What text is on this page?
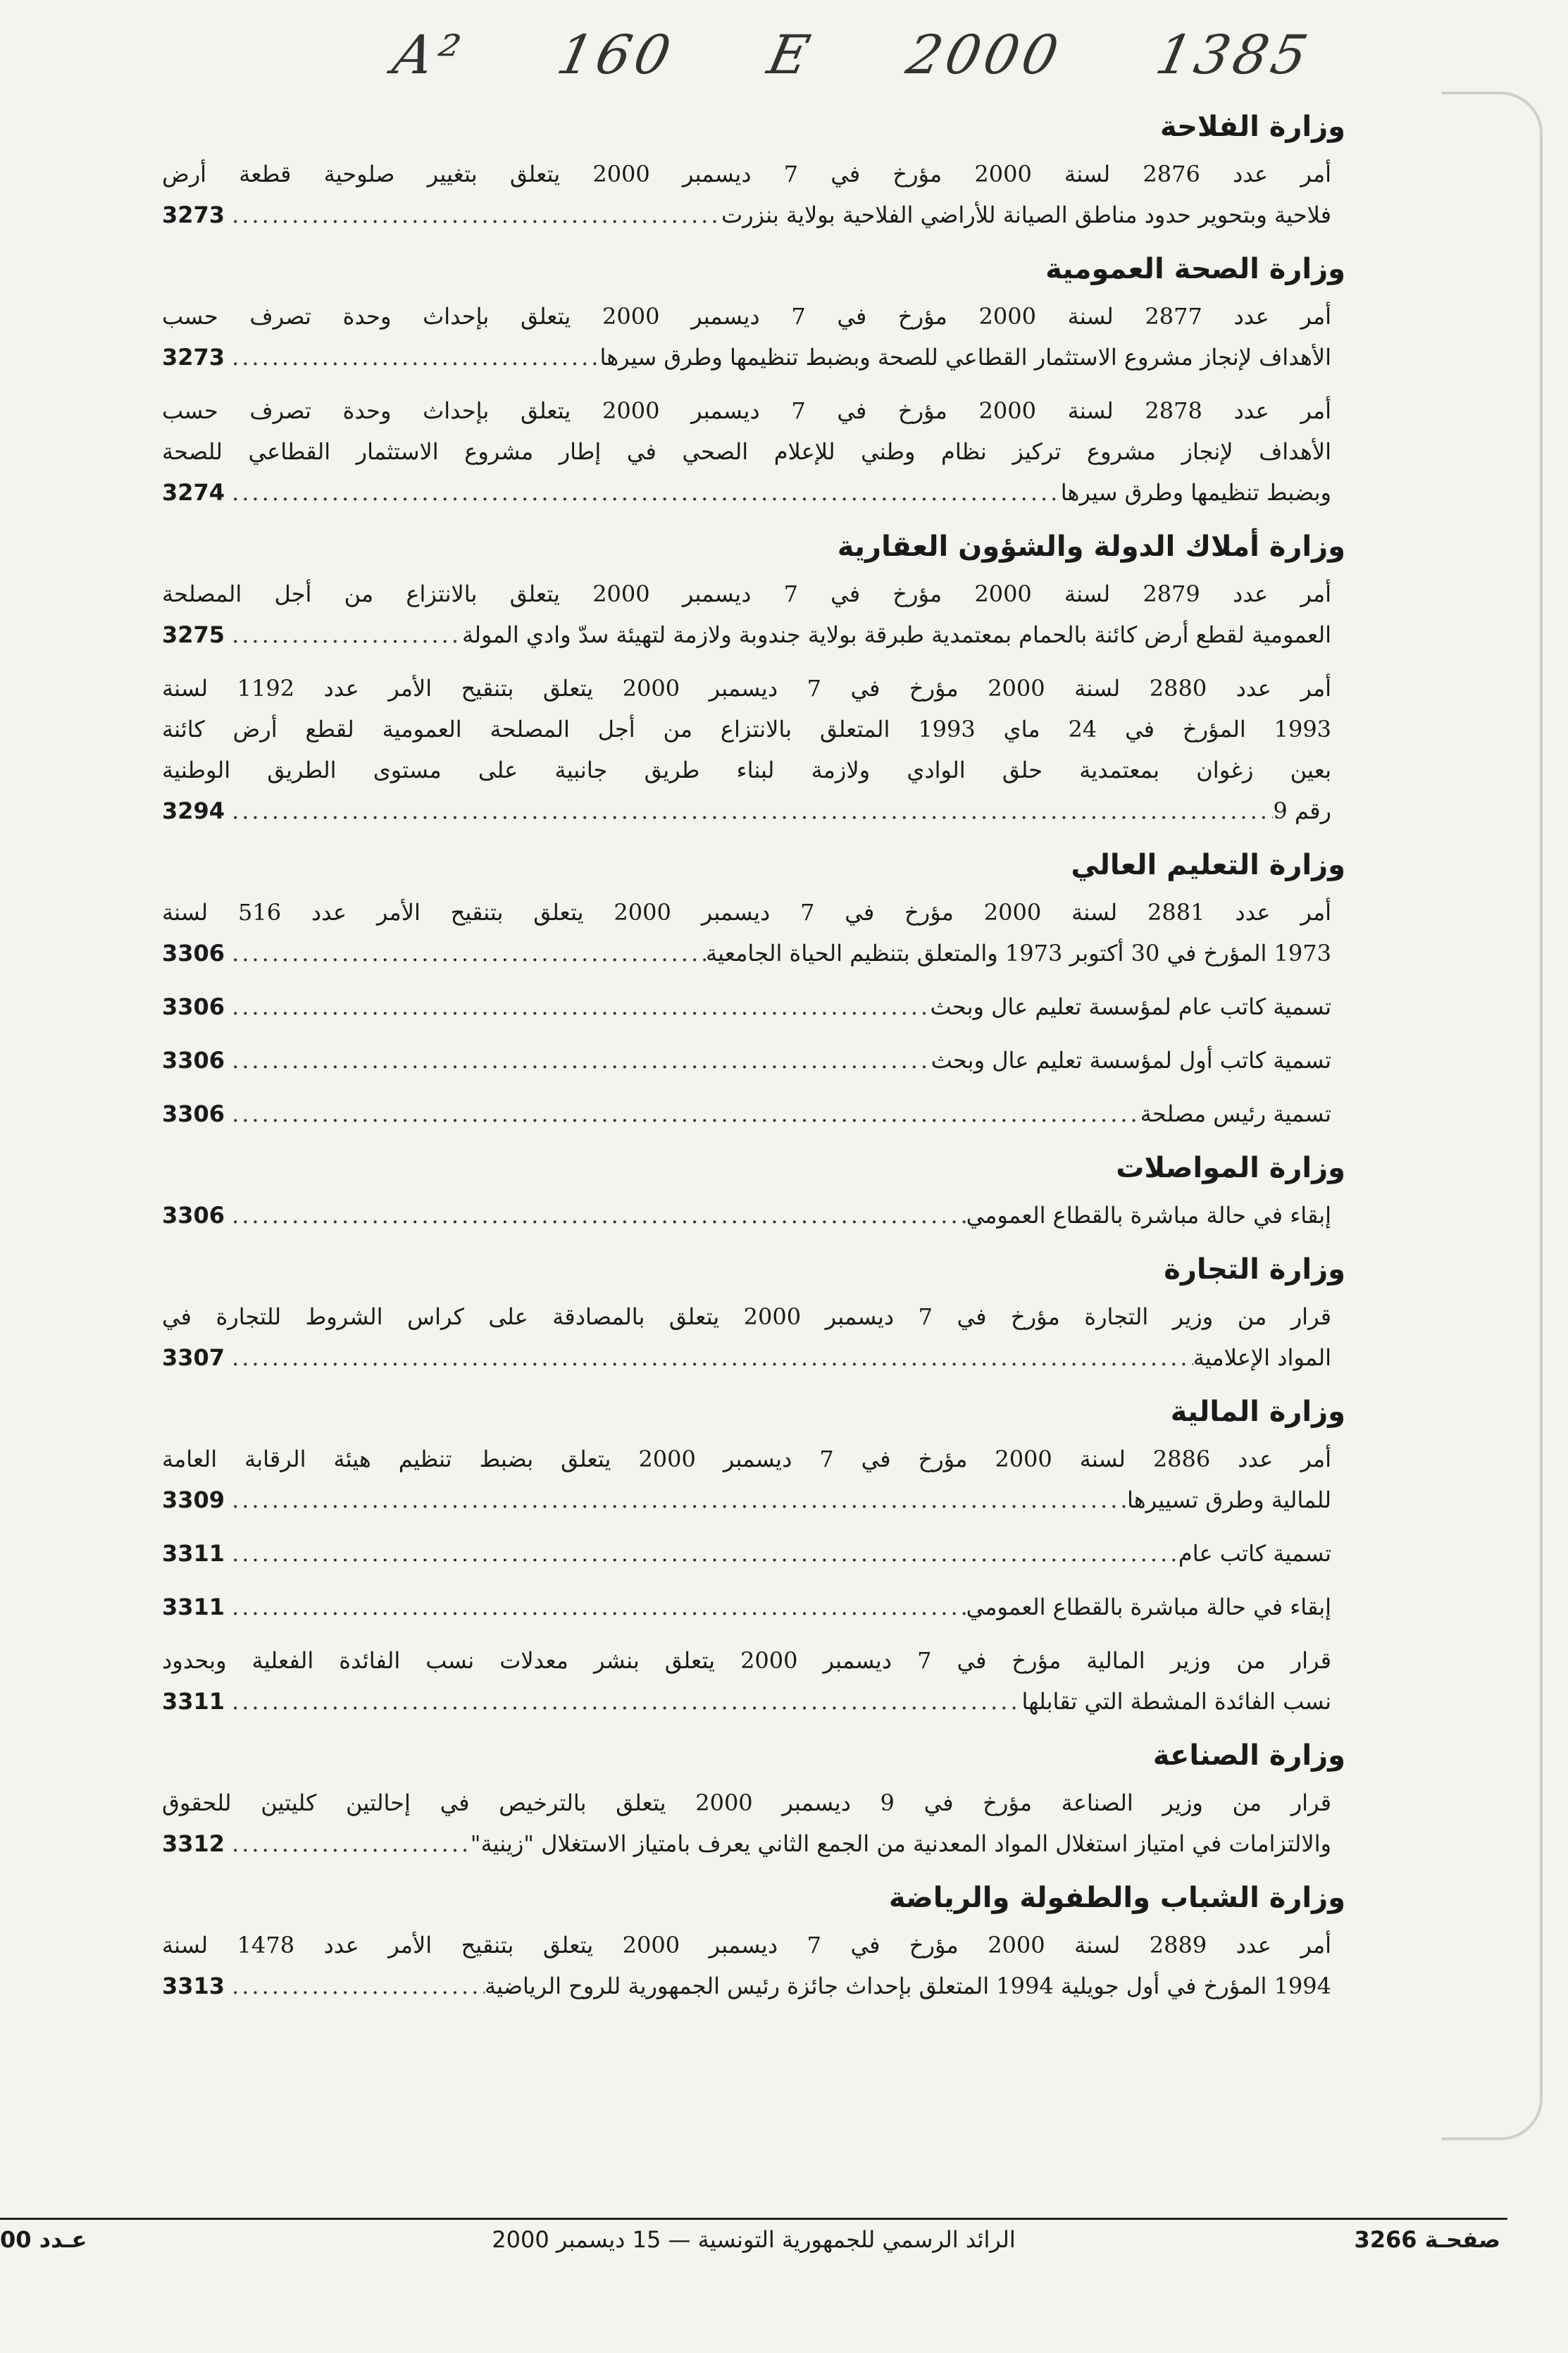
A² 160 E 2000 1385
وزارة الفلاحة
أمر عدد 2876 لسنة 2000 مؤرخ في 7 ديسمبر 2000 يتعلق بتغيير صلوحية قطعة أرض
فلاحية وبتحوير حدود مناطق الصيانة للأراضي الفلاحية بولاية بنزرت
.....
3273
وزارة الصحة العمومية
أمر عدد 2877 لسنة 2000 مؤرخ في 7 ديسمبر 2000 يتعلق بإحداث وحدة تصرف حسب
الأهداف لإنجاز مشروع الاستثمار القطاعي للصحة وبضبط تنظيمها وطرق سيرها
.....
3273
أمر عدد 2878 لسنة 2000 مؤرخ في 7 ديسمبر 2000 يتعلق بإحداث وحدة تصرف حسب
الأهداف لإنجاز مشروع تركيز نظام وطني للإعلام الصحي في إطار مشروع الاستثمار القطاعي للصحة
وبضبط تنظيمها وطرق سيرها
.....
3274
وزارة أملاك الدولة والشؤون العقارية
أمر عدد 2879 لسنة 2000 مؤرخ في 7 ديسمبر 2000 يتعلق بالانتزاع من أجل المصلحة
العمومية لقطع أرض كائنة بالحمام بمعتمدية طبرقة بولاية جندوبة ولازمة لتهيئة سدّ وادي المولة
.....
3275
أمر عدد 2880 لسنة 2000 مؤرخ في 7 ديسمبر 2000 يتعلق بتنقيح الأمر عدد 1192 لسنة
1993 المؤرخ في 24 ماي 1993 المتعلق بالانتزاع من أجل المصلحة العمومية لقطع أرض كائنة
بعين زغوان بمعتمدية حلق الوادي ولازمة لبناء طريق جانبية على مستوى الطريق الوطنية
رقم 9
.....
3294
وزارة التعليم العالي
أمر عدد 2881 لسنة 2000 مؤرخ في 7 ديسمبر 2000 يتعلق بتنقيح الأمر عدد 516 لسنة
1973 المؤرخ في 30 أكتوبر 1973 والمتعلق بتنظيم الحياة الجامعية
.....
3306
تسمية كاتب عام لمؤسسة تعليم عال وبحث
.....
3306
تسمية كاتب أول لمؤسسة تعليم عال وبحث
.....
3306
تسمية رئيس مصلحة
.....
3306
وزارة المواصلات
إبقاء في حالة مباشرة بالقطاع العمومي
.....
3306
وزارة التجارة
قرار من وزير التجارة مؤرخ في 7 ديسمبر 2000 يتعلق بالمصادقة على كراس الشروط للتجارة في
المواد الإعلامية
.....
3307
وزارة المالية
أمر عدد 2886 لسنة 2000 مؤرخ في 7 ديسمبر 2000 يتعلق بضبط تنظيم هيئة الرقابة العامة
للمالية وطرق تسييرها
.....
3309
تسمية كاتب عام
.....
3311
إبقاء في حالة مباشرة بالقطاع العمومي
.....
3311
قرار من وزير المالية مؤرخ في 7 ديسمبر 2000 يتعلق بنشر معدلات نسب الفائدة الفعلية وبحدود
نسب الفائدة المشطة التي تقابلها
.....
3311
وزارة الصناعة
قرار من وزير الصناعة مؤرخ في 9 ديسمبر 2000 يتعلق بالترخيص في إحالتين كليتين للحقوق
والالتزامات في امتياز استغلال المواد المعدنية من الجمع الثاني يعرف بامتياز الاستغلال "زينية"
.....
3312
وزارة الشباب والطفولة والرياضة
أمر عدد 2889 لسنة 2000 مؤرخ في 7 ديسمبر 2000 يتعلق بتنقيح الأمر عدد 1478 لسنة
1994 المؤرخ في أول جويلية 1994 المتعلق بإحداث جائزة رئيس الجمهورية للروح الرياضية
.....
3313
صفحـة 3266
الرائد الرسمي للجمهورية التونسية — 15 ديسمبر 2000
عـدد 00
